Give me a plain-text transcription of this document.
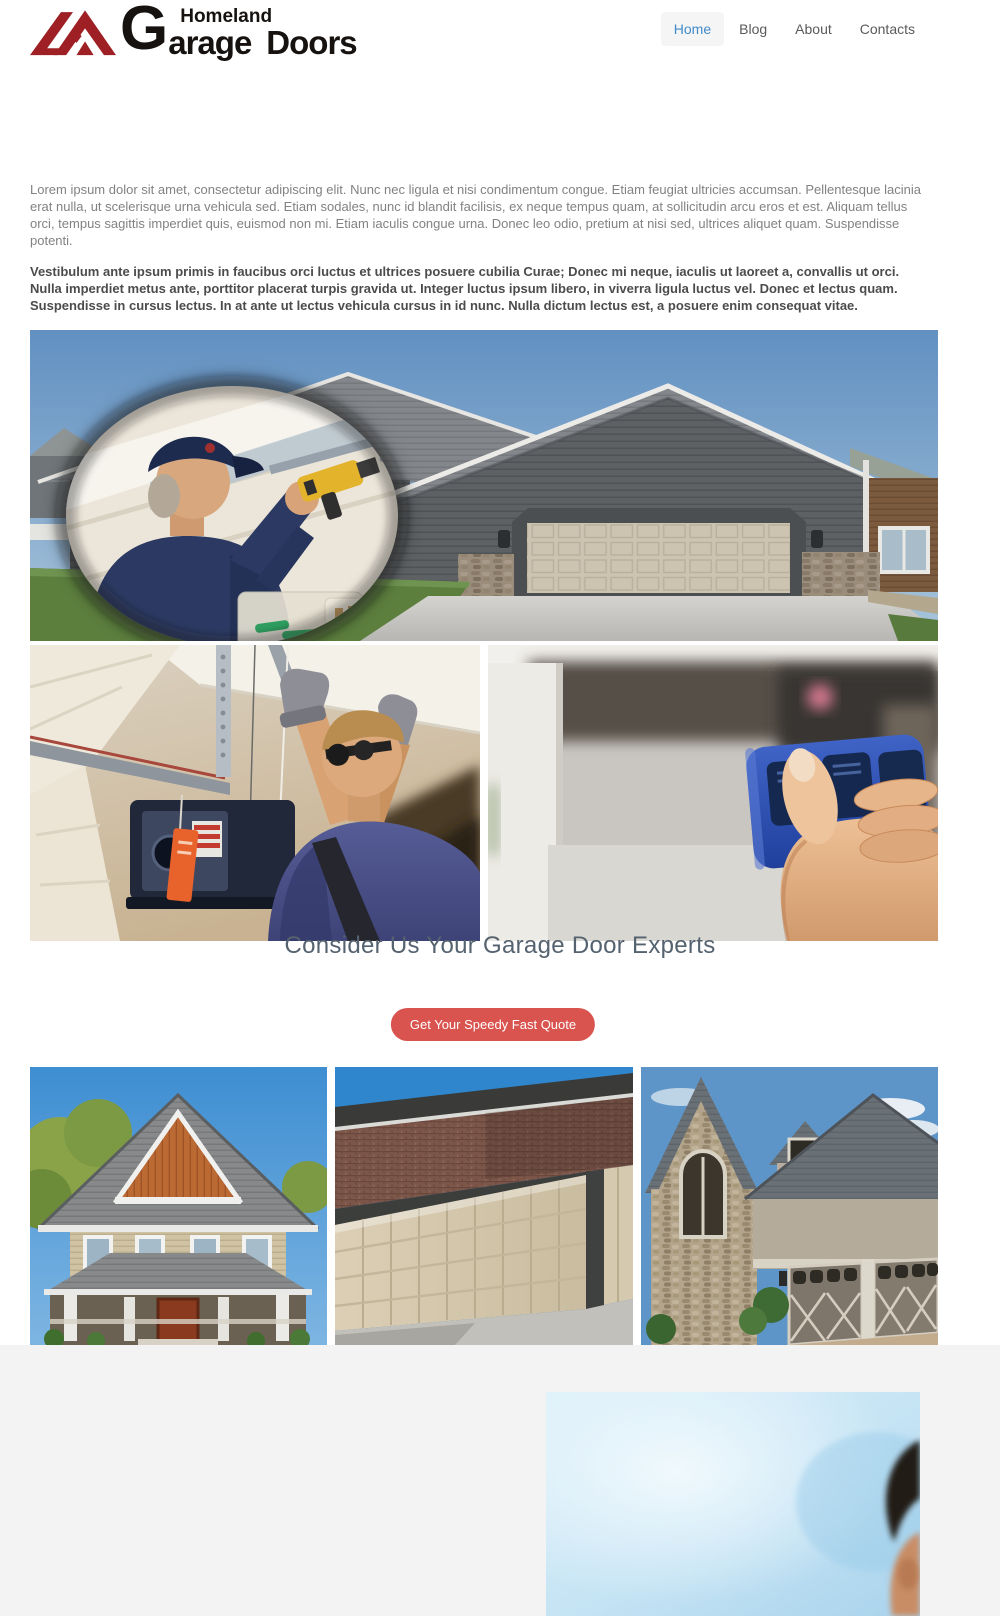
G Homeland
arage Doors	Home	Blog	About	Contacts

Lorem ipsum dolor sit amet, consectetur adipiscing elit. Nunc nec ligula et nisi condimentum congue. Etiam feugiat ultricies accumsan. Pellentesque lacinia erat nulla, ut scelerisque urna vehicula sed. Etiam sodales, nunc id blandit facilisis, ex neque tempus quam, at sollicitudin arcu eros et est. Aliquam tellus orci, tempus sagittis imperdiet quis, euismod non mi. Etiam iaculis congue urna. Donec leo odio, pretium at nisi sed, ultrices aliquet quam. Suspendisse potenti.

Vestibulum ante ipsum primis in faucibus orci luctus et ultrices posuere cubilia Curae; Donec mi neque, iaculis ut laoreet a, convallis ut orci. Nulla imperdiet metus ante, porttitor placerat turpis gravida ut. Integer luctus ipsum libero, in viverra ligula luctus vel. Donec et lectus quam. Suspendisse in cursus lectus. In at ante ut lectus vehicula cursus in id nunc. Nulla dictum lectus est, a posuere enim consequat vitae.

Consider Us Your Garage Door Experts
Get Your Speedy Fast Quote
